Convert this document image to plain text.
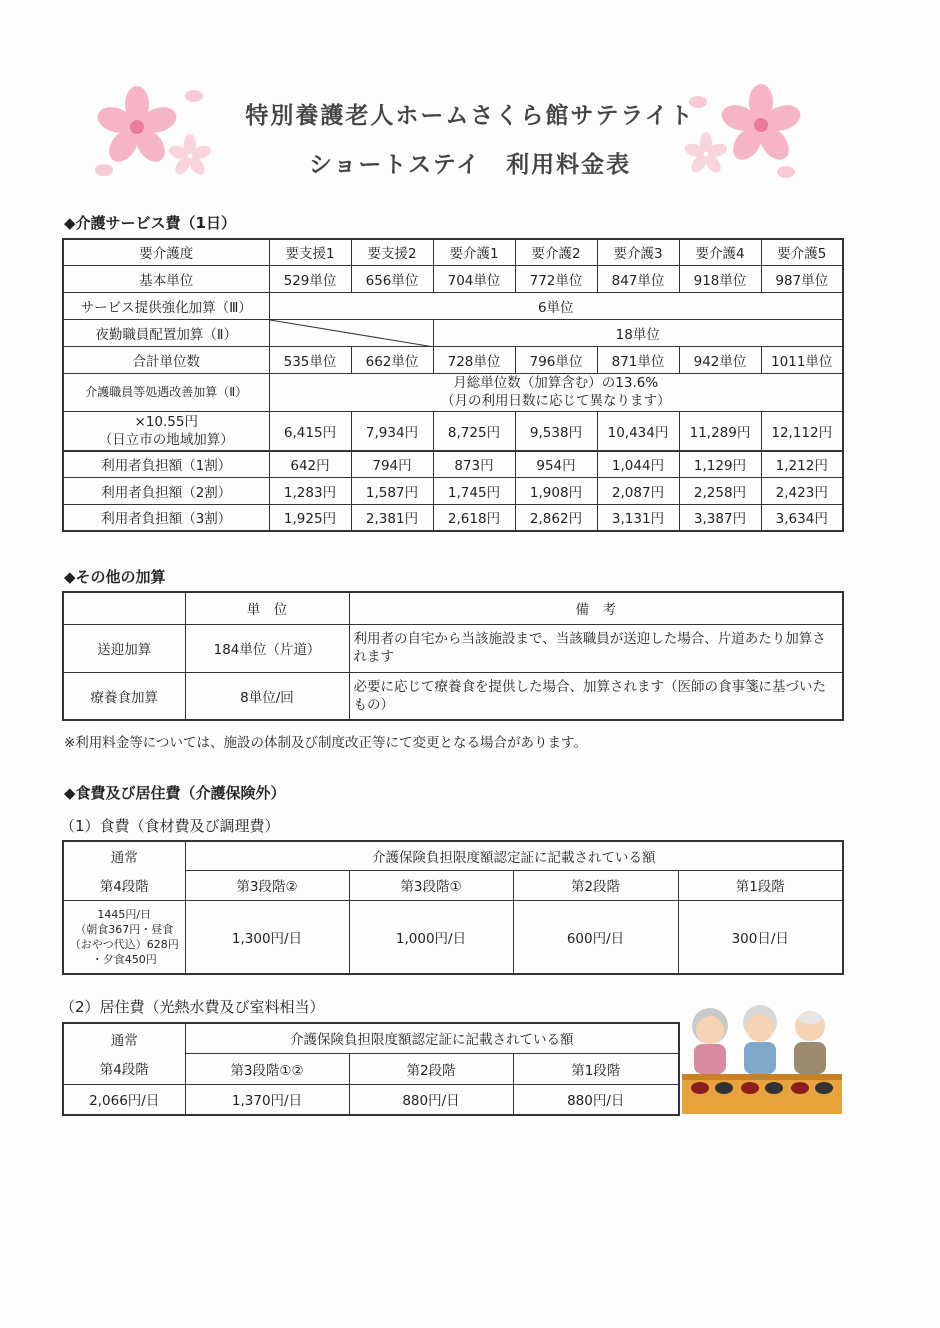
特別養護老人ホームさくら館サテライト
ショートステイ　利用料金表
◆介護サービス費（1日）
要介護度	要支援1	要支援2	要介護1	要介護2	要介護3	要介護4	要介護5
基本単位	529単位	656単位	704単位	772単位	847単位	918単位	987単位
サービス提供強化加算（Ⅲ）	6単位						
夜勤職員配置加算（Ⅱ）			18単位				
合計単位数	535単位	662単位	728単位	796単位	871単位	942単位	1011単位
介護職員等処遇改善加算（Ⅱ）	月総単位数（加算含む）の13.6%
（月の利用日数に応じて異なります）						

×10.55円
（日立市の地域加算）	6,415円	7,934円	8,725円	9,538円	10,434円	11,289円	12,112円
利用者負担額（1割）	642円	794円	873円	954円	1,044円	1,129円	1,212円
利用者負担額（2割）	1,283円	1,587円	1,745円	1,908円	2,087円	2,258円	2,423円
利用者負担額（3割）	1,925円	2,381円	2,618円	2,862円	3,131円	3,387円	3,634円
◆その他の加算
	単　位	備　考
送迎加算	184単位（片道）	利用者の自宅から当該施設まで、当該職員が送迎した場合、片道あたり加算されます
療養食加算	8単位/回	必要に応じて療養食を提供した場合、加算されます（医師の食事箋に基づいたもの）
※利用料金等については、施設の体制及び制度改正等にて変更となる場合があります。
◆食費及び居住費（介護保険外）
（1）食費（食材費及び調理費）
通常	介護保険負担限度額認定証に記載されている額			
第4段階	第3段階②	第3段階①	第2段階	第1段階

1445円/日
（朝食367円・昼食
（おやつ代込）628円
・夕食450円	1,300円/日	1,000円/日	600円/日	300日/日
（2）居住費（光熱水費及び室料相当）
通常	介護保険負担限度額認定証に記載されている額		
第4段階	第3段階①②	第2段階	第1段階
2,066円/日	1,370円/日	880円/日	880円/日
